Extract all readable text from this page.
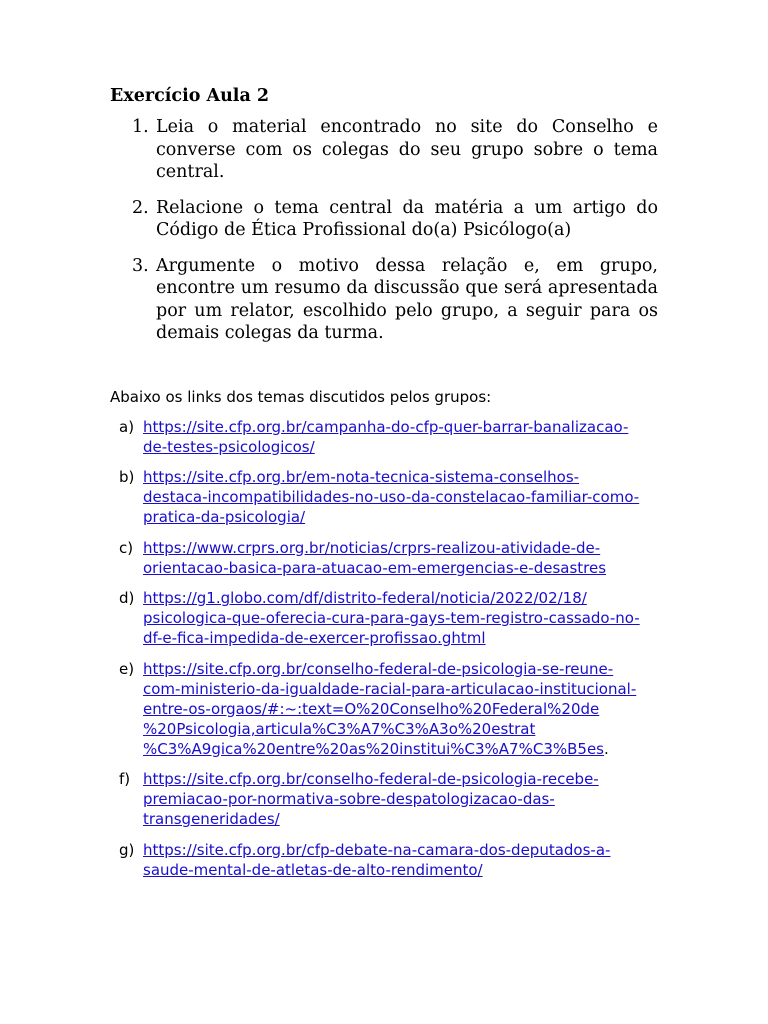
Exercício Aula 2
1. Leia o material encontrado no site do Conselho e converse com os colegas do seu grupo sobre o tema central.
2. Relacione o tema central da matéria a um artigo do Código de Ética Profissional do(a) Psicólogo(a)
3. Argumente o motivo dessa relação e, em grupo, encontre um resumo da discussão que será apresentada por um relator, escolhido pelo grupo, a seguir para os demais colegas da turma.

Abaixo os links dos temas discutidos pelos grupos:

a) https://site.cfp.org.br/campanha-do-cfp-quer-barrar-banalizacao-
de-testes-psicologicos/
b) https://site.cfp.org.br/em-nota-tecnica-sistema-conselhos-
destaca-incompatibilidades-no-uso-da-constelacao-familiar-como-
pratica-da-psicologia/
c) https://www.crprs.org.br/noticias/crprs-realizou-atividade-de-
orientacao-basica-para-atuacao-em-emergencias-e-desastres
d) https://g1.globo.com/df/distrito-federal/noticia/2022/02/18/
psicologica-que-oferecia-cura-para-gays-tem-registro-cassado-no-
df-e-fica-impedida-de-exercer-profissao.ghtml
e) https://site.cfp.org.br/conselho-federal-de-psicologia-se-reune-
com-ministerio-da-igualdade-racial-para-articulacao-institucional-
entre-os-orgaos/#:~:text=O%20Conselho%20Federal%20de
%20Psicologia,articula%C3%A7%C3%A3o%20estrat
%C3%A9gica%20entre%20as%20institui%C3%A7%C3%B5es.
f) https://site.cfp.org.br/conselho-federal-de-psicologia-recebe-
premiacao-por-normativa-sobre-despatologizacao-das-
transgeneridades/
g) https://site.cfp.org.br/cfp-debate-na-camara-dos-deputados-a-
saude-mental-de-atletas-de-alto-rendimento/
